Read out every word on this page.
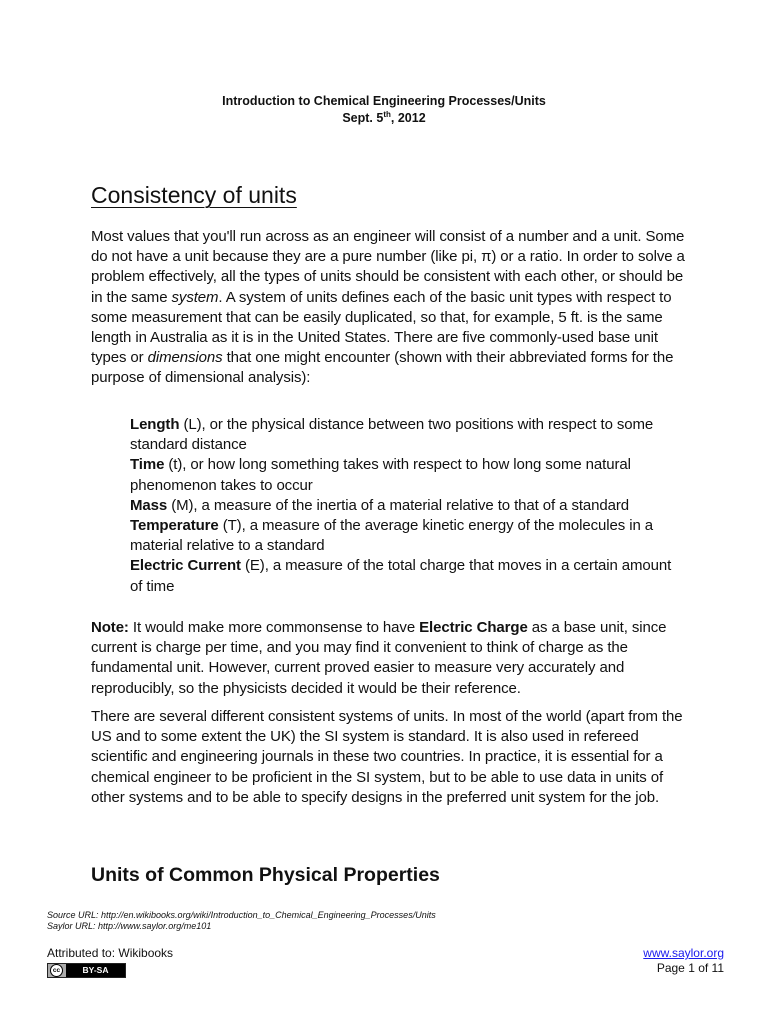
Introduction to Chemical Engineering Processes/Units
Sept. 5th, 2012
Consistency of units

Most values that you'll run across as an engineer will consist of a number and a unit. Some do not have a unit because they are a pure number (like pi, π) or a ratio. In order to solve a problem effectively, all the types of units should be consistent with each other, or should be in the same system. A system of units defines each of the basic unit types with respect to some measurement that can be easily duplicated, so that, for example, 5 ft. is the same length in Australia as it is in the United States. There are five commonly-used base unit types or dimensions that one might encounter (shown with their abbreviated forms for the purpose of dimensional analysis):

Length (L), or the physical distance between two positions with respect to some standard distance
Time (t), or how long something takes with respect to how long some natural phenomenon takes to occur
Mass (M), a measure of the inertia of a material relative to that of a standard
Temperature (T), a measure of the average kinetic energy of the molecules in a material relative to a standard
Electric Current (E), a measure of the total charge that moves in a certain amount of time

Note: It would make more commonsense to have Electric Charge as a base unit, since current is charge per time, and you may find it convenient to think of charge as the fundamental unit. However, current proved easier to measure very accurately and reproducibly, so the physicists decided it would be their reference.

There are several different consistent systems of units. In most of the world (apart from the US and to some extent the UK) the SI system is standard. It is also used in refereed scientific and engineering journals in these two countries. In practice, it is essential for a chemical engineer to be proficient in the SI system, but to be able to use data in units of other systems and to be able to specify designs in the preferred unit system for the job.

Units of Common Physical Properties
Source URL: http://en.wikibooks.org/wiki/Introduction_to_Chemical_Engineering_Processes/Units
Saylor URL: http://www.saylor.org/me101
Attributed to: Wikibooks
cc	BY-SA
www.saylor.org
Page 1 of 11
